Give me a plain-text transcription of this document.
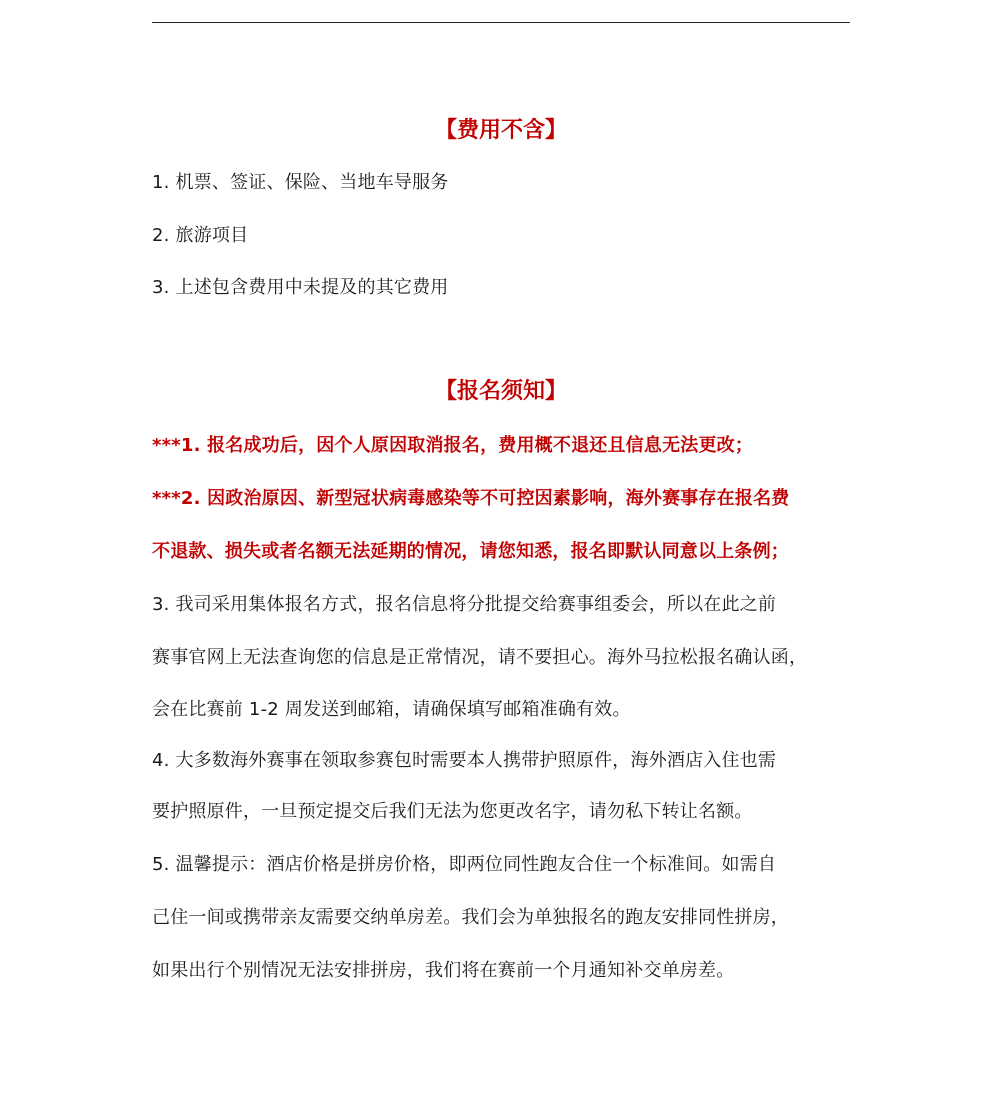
【费用不含】
1. 机票、签证、保险、当地车导服务
2. 旅游项目
3. 上述包含费用中未提及的其它费用
【报名须知】
***1. 报名成功后，因个人原因取消报名，费用概不退还且信息无法更改；
***2. 因政治原因、新型冠状病毒感染等不可控因素影响，海外赛事存在报名费
不退款、损失或者名额无法延期的情况，请您知悉，报名即默认同意以上条例；
3. 我司采用集体报名方式，报名信息将分批提交给赛事组委会，所以在此之前
赛事官网上无法查询您的信息是正常情况，请不要担心。海外马拉松报名确认函，
会在比赛前 1-2 周发送到邮箱，请确保填写邮箱准确有效。
4. 大多数海外赛事在领取参赛包时需要本人携带护照原件，海外酒店入住也需
要护照原件，一旦预定提交后我们无法为您更改名字，请勿私下转让名额。
5. 温馨提示：酒店价格是拼房价格，即两位同性跑友合住一个标准间。如需自
己住一间或携带亲友需要交纳单房差。我们会为单独报名的跑友安排同性拼房，
如果出行个别情况无法安排拼房，我们将在赛前一个月通知补交单房差。
